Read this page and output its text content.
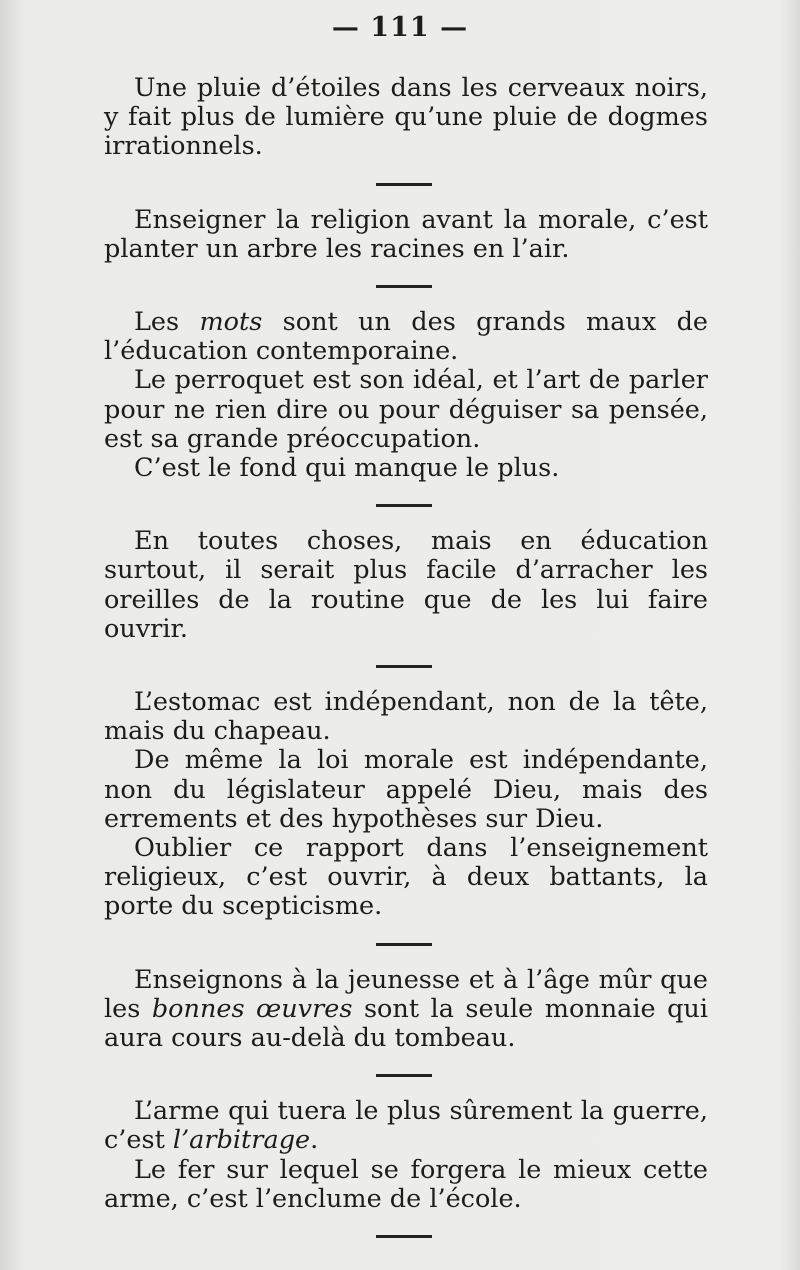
— 111 —

Une pluie d’étoiles dans les cerveaux noirs, y fait plus de lumière qu’une pluie de dogmes irrationnels.

Enseigner la religion avant la morale, c’est planter un arbre les racines en l’air.

Les mots sont un des grands maux de l’éducation contemporaine.

Le perroquet est son idéal, et l’art de parler pour ne rien dire ou pour déguiser sa pensée, est sa grande préoccupation.

C’est le fond qui manque le plus.

En toutes choses, mais en éducation surtout, il serait plus facile d’arracher les oreilles de la routine que de les lui faire ouvrir.

L’estomac est indépendant, non de la tête, mais du chapeau.

De même la loi morale est indépendante, non du législateur appelé Dieu, mais des errements et des hypothèses sur Dieu.

Oublier ce rapport dans l’enseignement religieux, c’est ouvrir, à deux battants, la porte du scepticisme.

Enseignons à la jeunesse et à l’âge mûr que les bonnes œuvres sont la seule monnaie qui aura cours au-delà du tombeau.

L’arme qui tuera le plus sûrement la guerre, c’est l’arbitrage.

Le fer sur lequel se forgera le mieux cette arme, c’est l’enclume de l’école.
